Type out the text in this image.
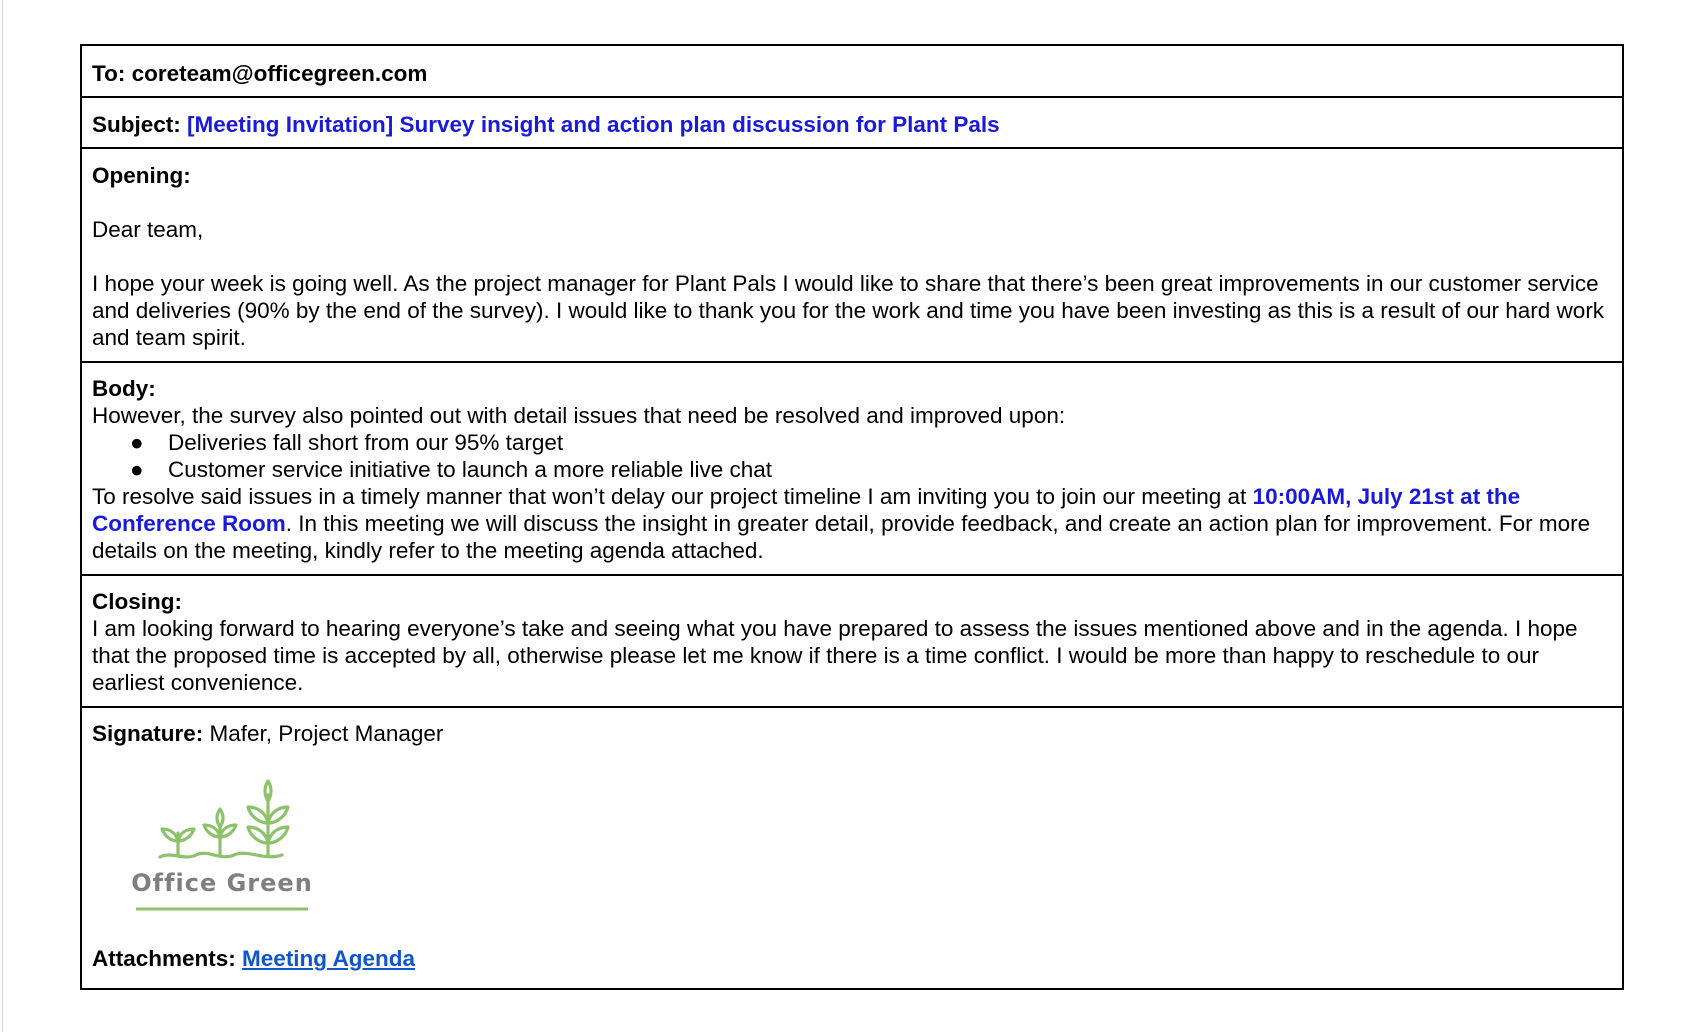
To: coreteam@officegreen.com
Subject: [Meeting Invitation] Survey insight and action plan discussion for Plant Pals
Opening:

Dear team,

I hope your week is going well. As the project manager for Plant Pals I would like to share that there’s been great improvements in our customer service and deliveries (90% by the end of the survey). I would like to thank you for the work and time you have been investing as this is a result of our hard work and team spirit.

Body:

However, the survey also pointed out with detail issues that need be resolved and improved upon:

● Deliveries fall short from our 95% target
● Customer service initiative to launch a more reliable live chat

To resolve said issues in a timely manner that won’t delay our project timeline I am inviting you to join our meeting at 10:00AM, July 21st at the Conference Room. In this meeting we will discuss the insight in greater detail, provide feedback, and create an action plan for improvement. For more details on the meeting, kindly refer to the meeting agenda attached.

Closing:

I am looking forward to hearing everyone’s take and seeing what you have prepared to assess the issues mentioned above and in the agenda. I hope that the proposed time is accepted by all, otherwise please let me know if there is a time conflict. I would be more than happy to reschedule to our earliest convenience.

Signature: Mafer, Project Manager
Office Green
Attachments: Meeting Agenda
